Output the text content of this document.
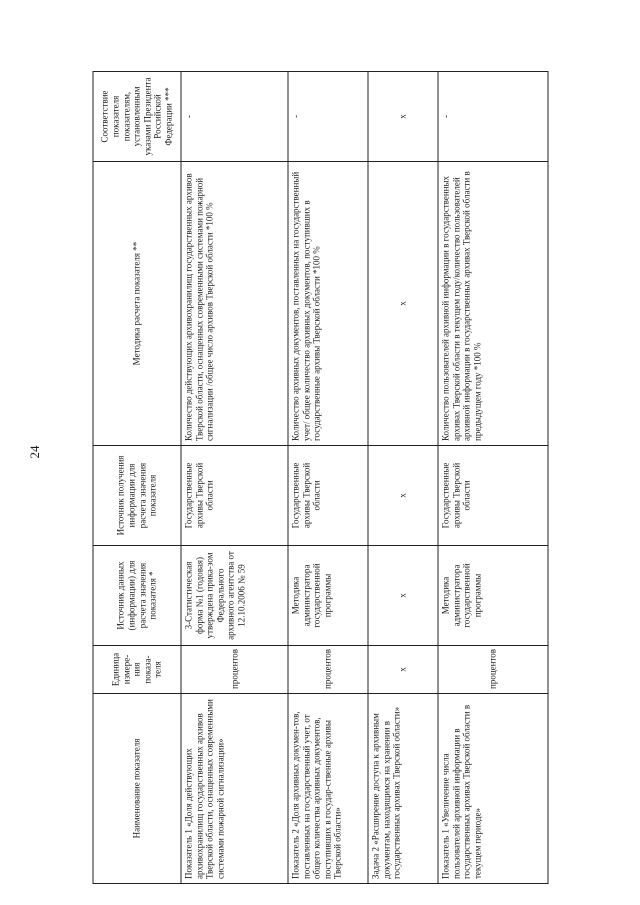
24
Наименование показателя	Единица измере-ния показа-теля	Источник данных (информации) для расчета значения показателя *	Источник получения информации для расчета значения показателя	Методика расчета показателя **	Соответствие показателя показателям, установленным указами Президента Российской Федерации ***
Показатель 1 «Доля действующих архивохранилищ государственных архивов Тверской области, оснащенных современными системами пожарной сигнализации»	процентов	3-Статистическая форма №1 (годовая) утверждена прика-зом Федерального архивного агентства от 12.10.2006 № 59	Государственные архивы Тверской области	Количество действующих архивохранилищ государственных архивов Тверской области, оснащенных современными системами пожарной сигнализации /общее число архивов Тверской области *100 %	-
Показатель 2 «Доля архивных докумен-тов, поставленных на государственный учет, от общего количества архивных документов, поступивших в государ-ственные архивы Тверской области»	процентов	Методика администратора государственной программы	Государственные архивы Тверской области	Количество архивных документов, поставленных на государственный учет/ общее количество архивных документов, поступивших в государственные архивы Тверской области *100 %	-
Задача 2 «Расширение доступа к архивным документам, находящимся на хранении в государственных архивах Тверской области»	x	x	x	x	x
Показатель 1 «Увеличение числа пользователей архивной информации в государственных архивах Тверской области в текущем периоде»	процентов	Методика администратора государственной программы	Государственные архивы Тверской области	Количество пользователей архивной информации в государственных архивах Тверской области в текущем году/количество пользователей архивной информации в государственных архивах Тверской области в предыдущем году *100 %	-
